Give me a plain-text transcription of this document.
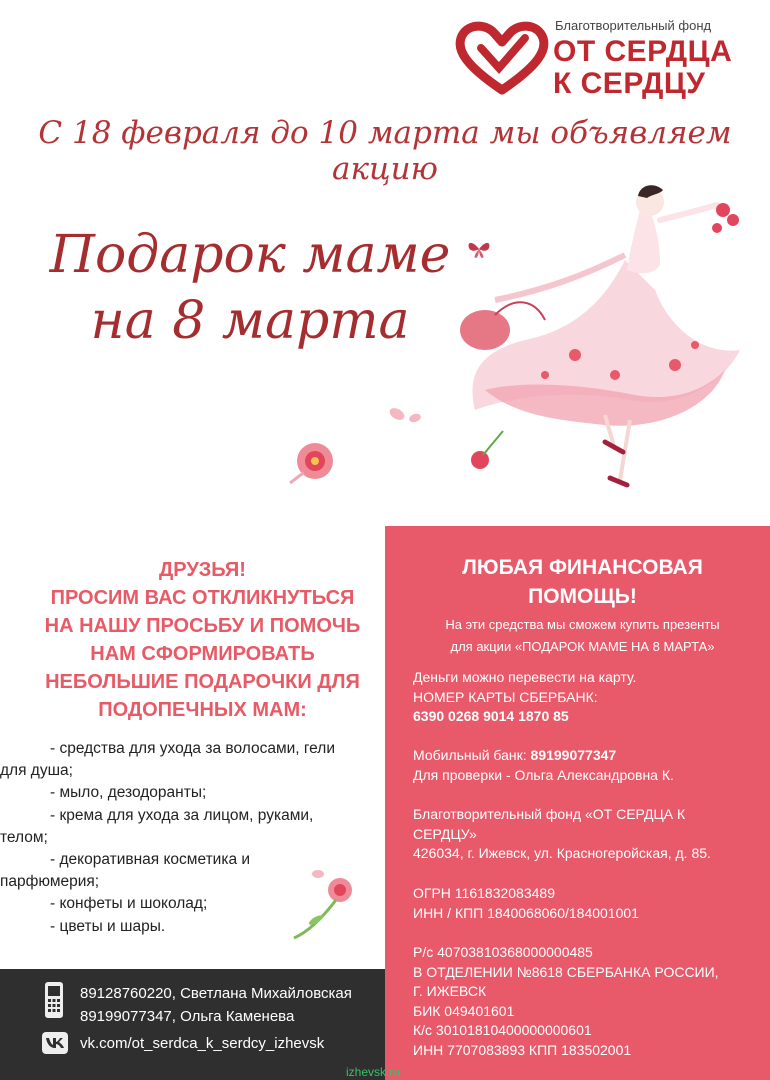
Благотворительный фонд
ОТ СЕРДЦА
К СЕРДЦУ
С 18 февраля до 10 марта мы объявляем акцию
Подарок маме
на 8 марта
ДРУЗЬЯ!
ПРОСИМ ВАС ОТКЛИКНУТЬСЯ
НА НАШУ ПРОСЬБУ И ПОМОЧЬ
НАМ СФОРМИРОВАТЬ
НЕБОЛЬШИЕ ПОДАРОЧКИ ДЛЯ
ПОДОПЕЧНЫХ МАМ:
- средства для ухода за волосами, гели
для душа;
- мыло, дезодоранты;
- крема для ухода за лицом, руками,
телом;
- декоративная косметика и
парфюмерия;
- конфеты и шоколад;
- цветы и шары.
ЛЮБАЯ ФИНАНСОВАЯ
ПОМОЩЬ!
На эти средства мы сможем купить презенты
для акции «ПОДАРОК МАМЕ НА 8 МАРТА»
Деньги можно перевести на карту.
НОМЕР КАРТЫ СБЕРБАНК:
6390 0268 9014 1870 85
Мобильный банк: 89199077347
Для проверки - Ольга Александровна К.
Благотворительный фонд «ОТ СЕРДЦА К
СЕРДЦУ»
426034, г. Ижевск, ул. Красногеройская, д. 85.
ОГРН 1161832083489
ИНН / КПП 1840068060/184001001
Р/с 40703810368000000485
В ОТДЕЛЕНИИ №8618 СБЕРБАНКА РОССИИ,
Г. ИЖЕВСК
БИК 049401601
К/с 30101810400000000601
ИНН 7707083893 КПП 183502001
89128760220, Светлана Михайловская
89199077347, Ольга Каменева
vk.com/ot_serdca_k_serdcy_izhevsk
izhevsk.ru
